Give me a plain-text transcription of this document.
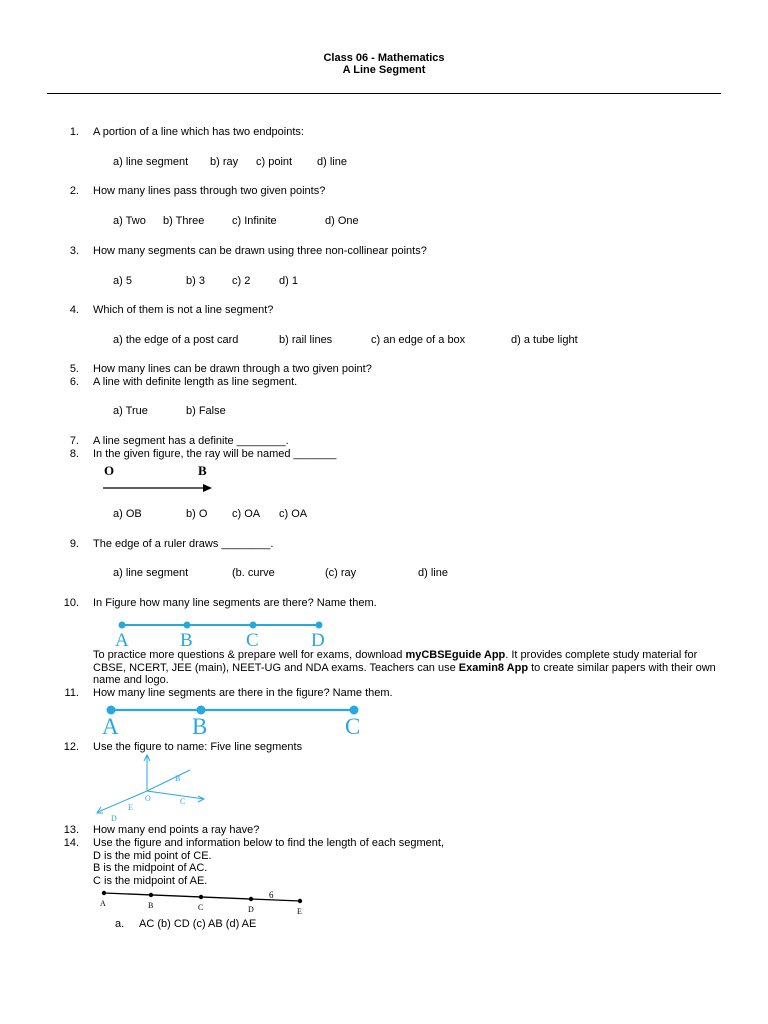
Class 06 - Mathematics
A Line Segment
1. A portion of a line which has two endpoints:
a) line segment b) ray c) point d) line
2. How many lines pass through two given points?
a) Two b) Three	c) Infinite	d) One
3. How many segments can be drawn using three non-collinear points?
a) 5	b) 3 c) 2	d) 1
4. Which of them is not a line segment?
a) the edge of a post card	b) rail lines	c) an edge of a box	d) a tube light
5. How many lines can be drawn through a two given point?
6. A line with definite length as line segment.
a) True	b) False
7. A line segment has a definite ________.
8. In the given figure, the ray will be named _______
O	B
a) OB	b) O c) OA c) OA
9. The edge of a ruler draws ________.
a) line segment	(b. curve	(c) ray	d) line
10. In Figure how many line segments are there? Name them.
A	B	C	D
To practice more questions & prepare well for exams, download myCBSEguide App. It provides complete study material for CBSE, NCERT, JEE (main), NEET-UG and NDA exams. Teachers can use Examin8 App to create similar papers with their own name and logo.
11. How many line segments are there in the figure? Name them.
A	B	C
12. Use the figure to name: Five line segments
B
O	C
E
D
13. How many end points a ray have?
14. Use the figure and information below to find the length of each segment,
D is the mid point of CE.
B is the midpoint of AC.
C is the midpoint of AE.
6
A	B	C	D	E
a. AC (b) CD (c) AB (d) AE
